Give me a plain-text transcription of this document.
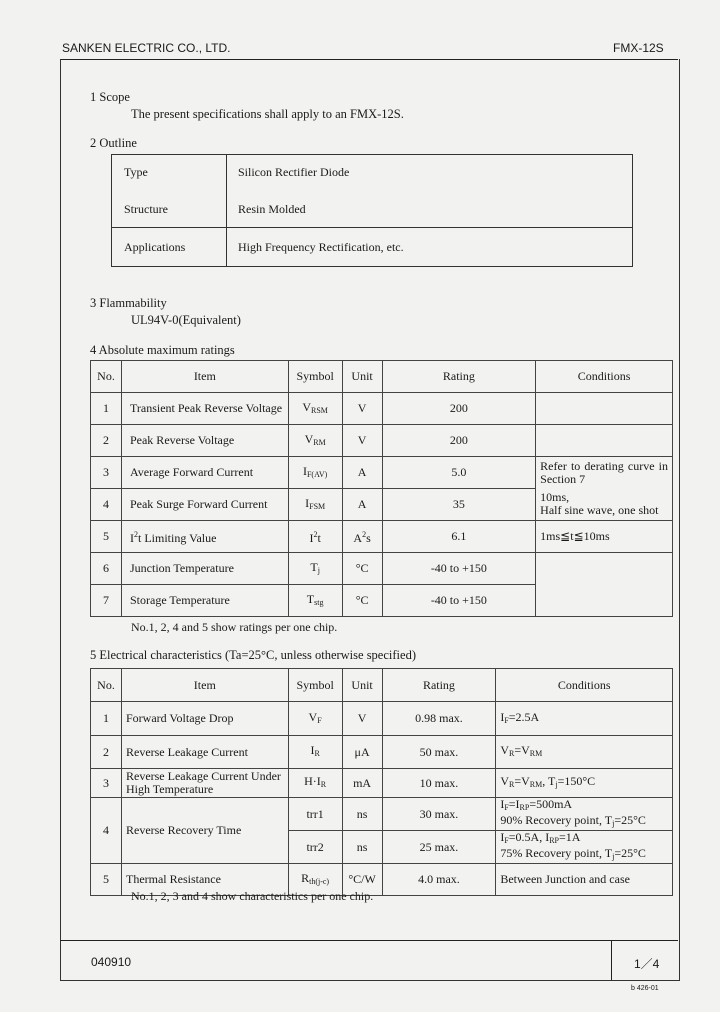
SANKEN ELECTRIC CO., LTD.	FMX-12S
1 Scope
The present specifications shall apply to an FMX-12S.
2 Outline
Type	Silicon Rectifier Diode
Structure	Resin Molded
Applications	High Frequency Rectification, etc.
3 Flammability
UL94V-0(Equivalent)
4 Absolute maximum ratings
No.	Item	Symbol	Unit	Rating	Conditions
1	Transient Peak Reverse Voltage	$V_{RSM}$	V	200	
2	Peak Reverse Voltage	$V_{RM}$	V	200	
3	Average Forward Current	$I_{F(AV)}$	A	5.0	Refer to derating curve in Section 7
4	Peak Surge Forward Current	$I_{FSM}$	A	35	10ms,
Half sine wave, one shot

5	$I^2t$ Limiting Value	$I^2t$	$A^2s$	6.1	1ms≦t≦10ms
6	Junction Temperature	$T_j$	°C	-40 to +150	
7	Storage Temperature	$T_{stg}$	°C	-40 to +150	
No.1, 2, 4 and 5 show ratings per one chip.
5 Electrical characteristics (Ta=25°C, unless otherwise specified)
No.	Item	Symbol	Unit	Rating	Conditions
1	Forward Voltage Drop	$V_F$	V	0.98 max.	$I_F=2.5A$
2	Reverse Leakage Current	$I_R$	μA	50 max.	$V_R=V_{RM}$
3	Reverse Leakage Current Under High Temperature	$H\cdot I_R$	mA	10 max.	$V_R=V_{RM}$, $T_j=150^\circ C$
4	Reverse Recovery Time	trr1	ns	30 max.	$I_F=I_{RP}=500mA$
90% Recovery point, $T_j=25^\circ C$

		trr2	ns	25 max.	$I_F=0.5A$, $I_{RP}=1A$
75% Recovery point, $T_j=25^\circ C$

5	Thermal Resistance	$R_{th(j-c)}$	°C/W	4.0 max.	Between Junction and case
No.1, 2, 3 and 4 show characteristics per one chip.
040910	1／4
b 426-01
